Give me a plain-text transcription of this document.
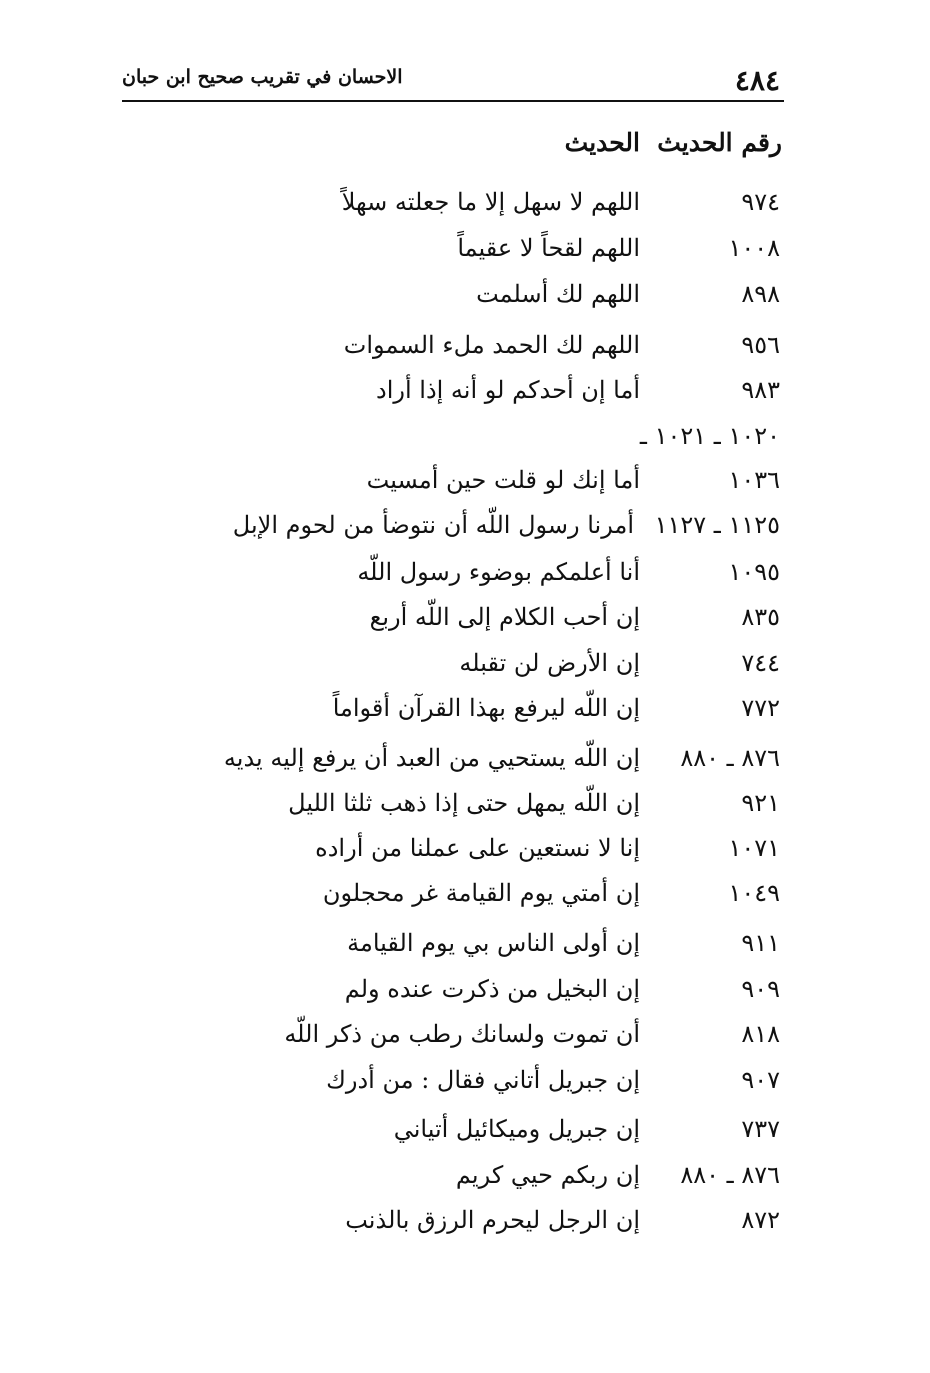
٤٨٤
الاحسان في تقريب صحيح ابن حبان
رقم الحديث
الحديث
٩٧٤
اللهم لا سهل إلا ما جعلته سهلاً
١٠٠٨
اللهم لقحاً لا عقيماً
٨٩٨
اللهم لك أسلمت
٩٥٦
اللهم لك الحمد ملء السموات
٩٨٣
أما إن أحدكم لو أنه إذا أراد
١٠٢٠ ـ ١٠٢١ ـ
١٠٣٦
أما إنك لو قلت حين أمسيت
١١٢٥ ـ ١١٢٧
أمرنا رسول اللّه أن نتوضأ من لحوم الإبل
١٠٩٥
أنا أعلمكم بوضوء رسول اللّه
٨٣٥
إن أحب الكلام إلى اللّه أربع
٧٤٤
إن الأرض لن تقبله
٧٧٢
إن اللّه ليرفع بهذا القرآن أقواماً
٨٧٦ ـ ٨٨٠
إن اللّه يستحيي من العبد أن يرفع إليه يديه
٩٢١
إن اللّه يمهل حتى إذا ذهب ثلثا الليل
١٠٧١
إنا لا نستعين على عملنا من أراده
١٠٤٩
إن أمتي يوم القيامة غر محجلون
٩١١
إن أولى الناس بي يوم القيامة
٩٠٩
إن البخيل من ذكرت عنده ولم
٨١٨
أن تموت ولسانك رطب من ذكر اللّه
٩٠٧
إن جبريل أتاني فقال : من أدرك
٧٣٧
إن جبريل وميكائيل أتياني
٨٧٦ ـ ٨٨٠
إن ربكم حيي كريم
٨٧٢
إن الرجل ليحرم الرزق بالذنب
